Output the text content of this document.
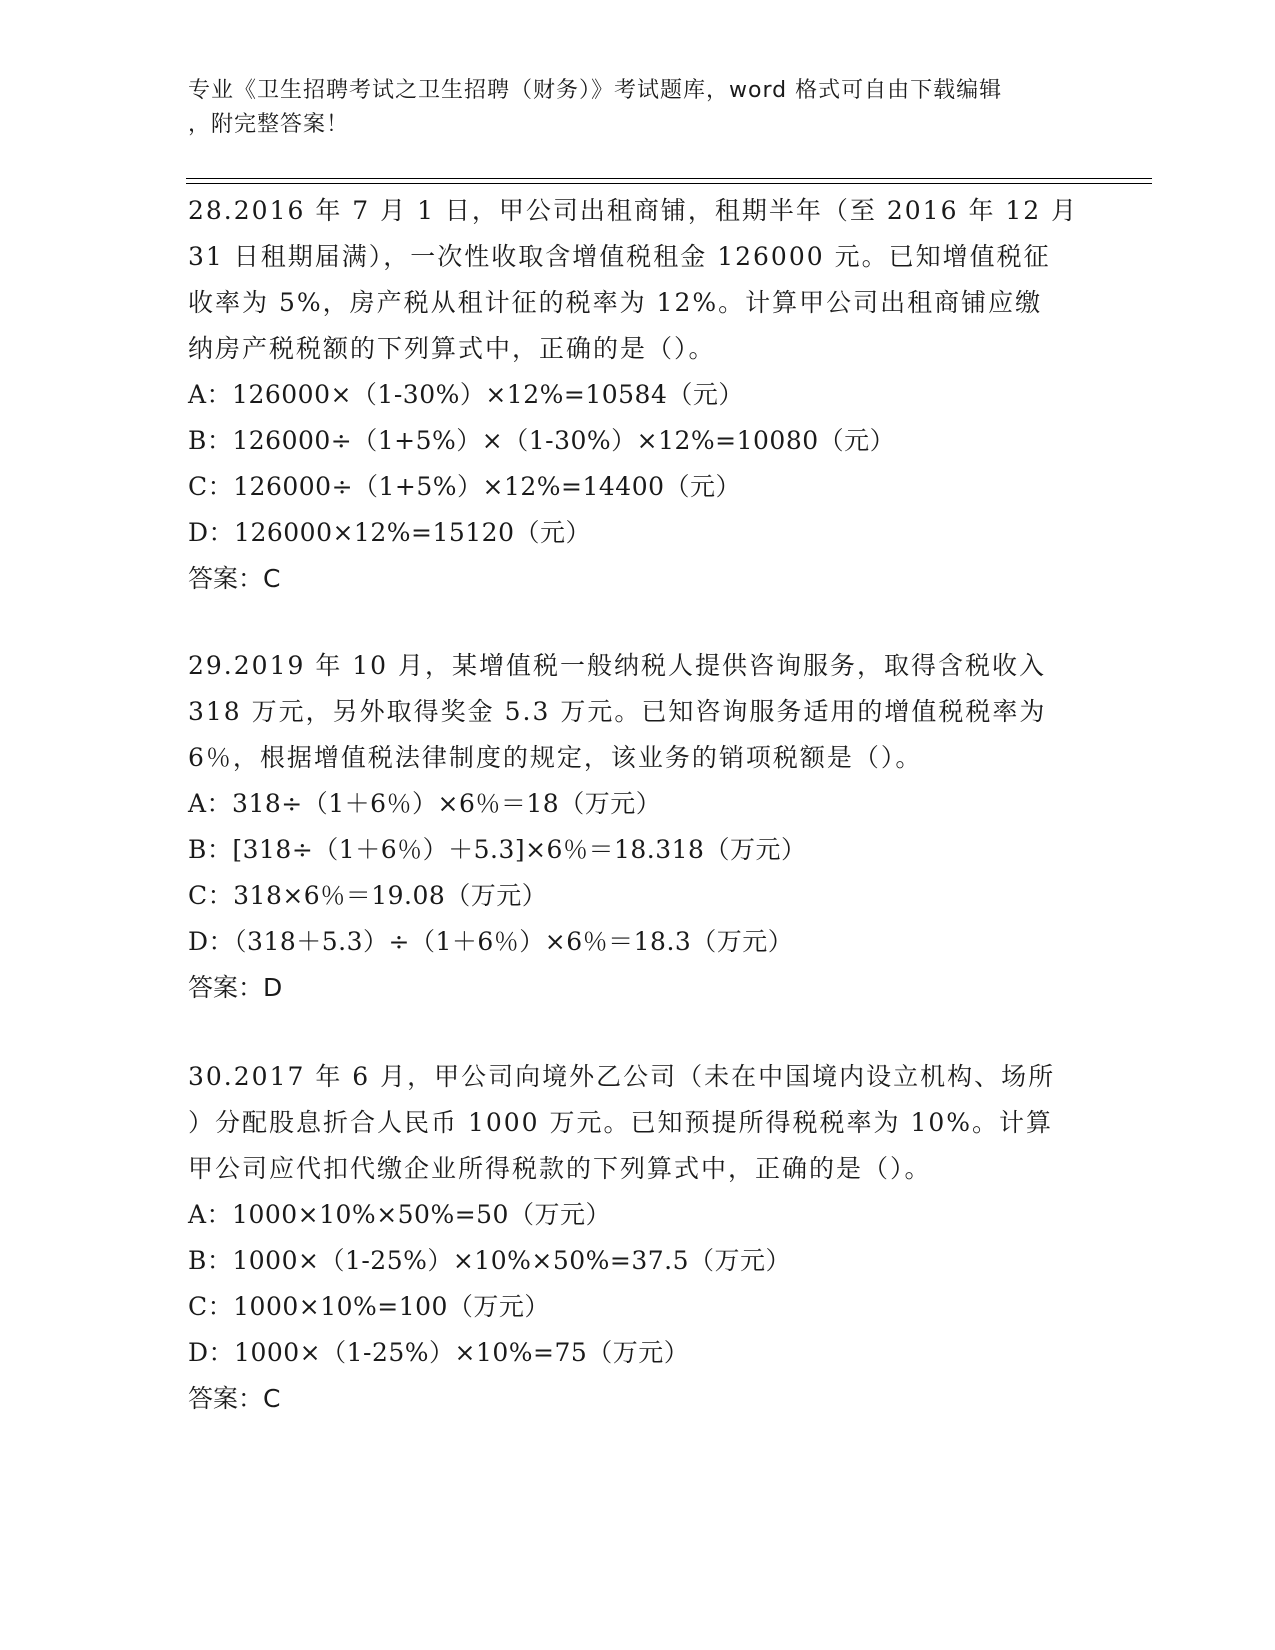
专业《卫生招聘考试之卫生招聘（财务）》考试题库，word 格式可自由下载编辑
，附完整答案！

28.2016 年 7 月 1 日，甲公司出租商铺，租期半年（至 2016 年 12 月

31 日租期届满），一次性收取含增值税租金 126000 元。已知增值税征

收率为 5%，房产税从租计征的税率为 12%。计算甲公司出租商铺应缴

纳房产税税额的下列算式中，正确的是（）。

A：126000×（1-30%）×12%=10584（元）

B：126000÷（1+5%）×（1-30%）×12%=10080（元）

C：126000÷（1+5%）×12%=14400（元）

D：126000×12%=15120（元）

答案：C

29.2019 年 10 月，某增值税一般纳税人提供咨询服务，取得含税收入

318 万元，另外取得奖金 5.3 万元。已知咨询服务适用的增值税税率为

6％，根据增值税法律制度的规定，该业务的销项税额是（）。

A：318÷（1＋6％）×6％＝18（万元）

B：[318÷（1＋6％）＋5.3]×6％＝18.318（万元）

C：318×6％＝19.08（万元）

D：（318＋5.3）÷（1＋6％）×6％＝18.3（万元）

答案：D

30.2017 年 6 月，甲公司向境外乙公司（未在中国境内设立机构、场所

）分配股息折合人民币 1000 万元。已知预提所得税税率为 10%。计算

甲公司应代扣代缴企业所得税款的下列算式中，正确的是（）。

A：1000×10%×50%=50（万元）

B：1000×（1-25%）×10%×50%=37.5（万元）

C：1000×10%=100（万元）

D：1000×（1-25%）×10%=75（万元）

答案：C
